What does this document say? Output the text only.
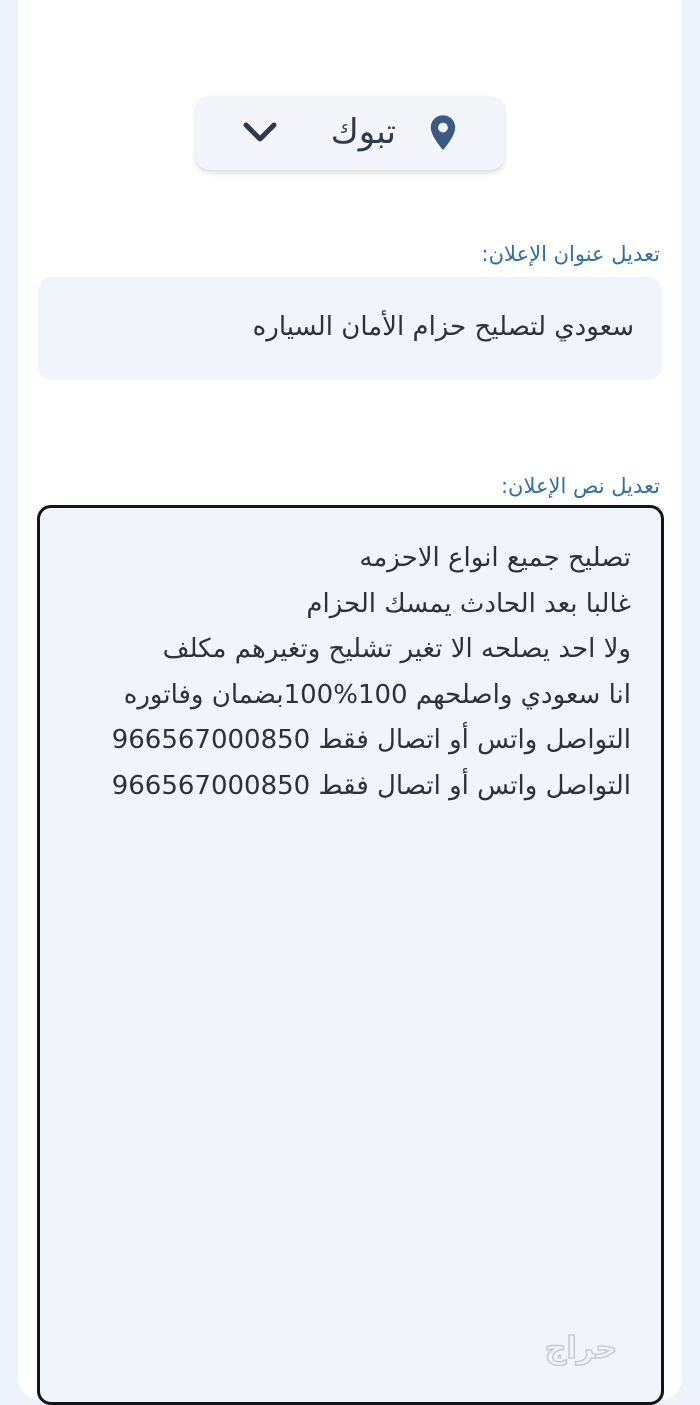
تبوك
تعديل عنوان الإعلان:
سعودي لتصليح حزام الأمان السياره
تعديل نص الإعلان:
تصليح جميع انواع الاحزمه
غالبا بعد الحادث يمسك الحزام
ولا احد يصلحه الا تغير تشليح وتغيرهم مكلف
انا سعودي واصلحهم 100%100بضمان وفاتوره
التواصل واتس أو اتصال فقط 966567000850
التواصل واتس أو اتصال فقط 966567000850
حراج
